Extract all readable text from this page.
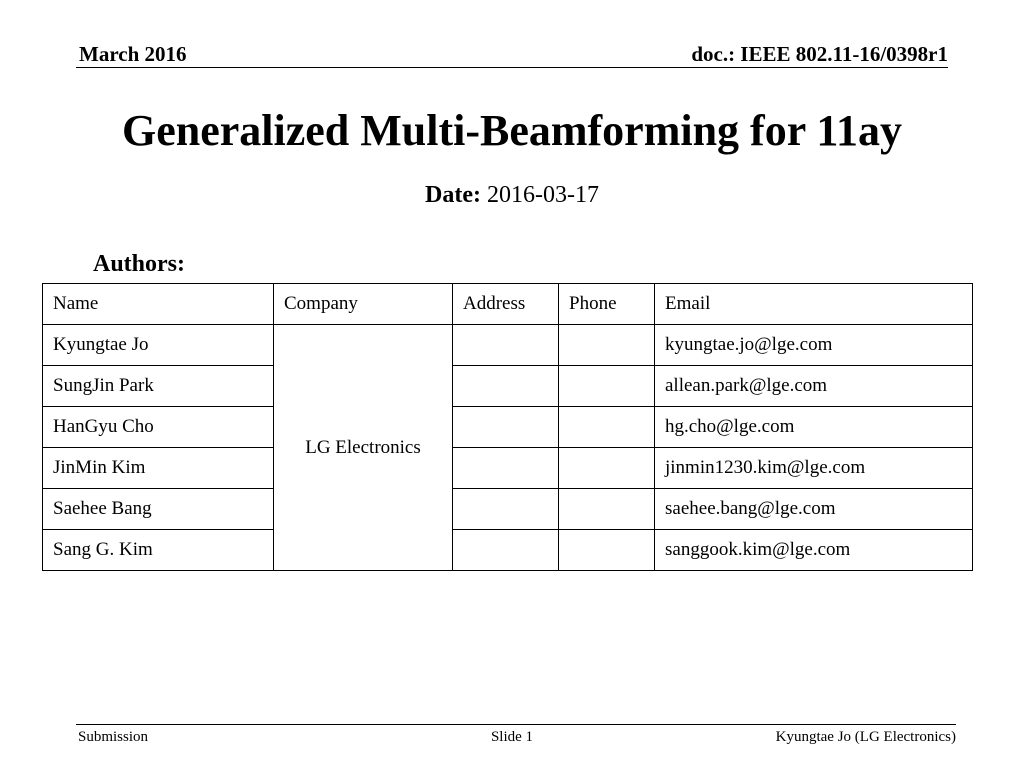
March 2016	doc.: IEEE 802.11-16/0398r1
Generalized Multi-Beamforming for 11ay
Date: 2016-03-17
Authors:
Name	Company	Address	Phone	Email
Kyungtae Jo	LG Electronics			kyungtae.jo@lge.com
SungJin Park				allean.park@lge.com
HanGyu Cho				hg.cho@lge.com
JinMin Kim				jinmin1230.kim@lge.com
Saehee Bang				saehee.bang@lge.com
Sang G. Kim				sanggook.kim@lge.com
Submission	Slide 1	Kyungtae Jo (LG Electronics)
